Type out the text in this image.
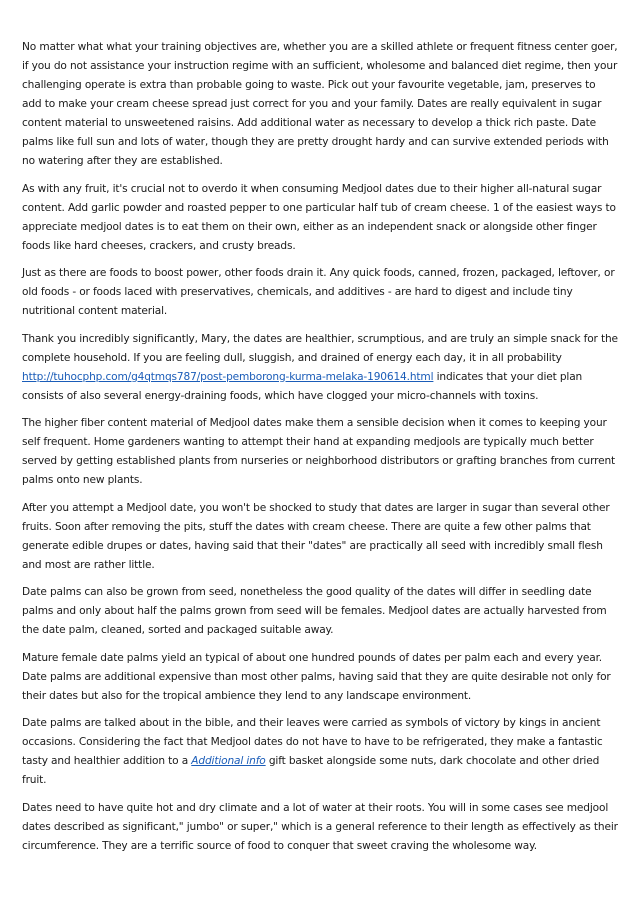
No matter what what your training objectives are, whether you are a skilled athlete or frequent fitness center goer, if you do not assistance your instruction regime with an sufficient, wholesome and balanced diet regime, then your challenging operate is extra than probable going to waste. Pick out your favourite vegetable, jam, preserves to add to make your cream cheese spread just correct for you and your family. Dates are really equivalent in sugar content material to unsweetened raisins. Add additional water as necessary to develop a thick rich paste. Date palms like full sun and lots of water, though they are pretty drought hardy and can survive extended periods with no watering after they are established.

As with any fruit, it's crucial not to overdo it when consuming Medjool dates due to their higher all-natural sugar content. Add garlic powder and roasted pepper to one particular half tub of cream cheese. 1 of the easiest ways to appreciate medjool dates is to eat them on their own, either as an independent snack or alongside other finger foods like hard cheeses, crackers, and crusty breads.

Just as there are foods to boost power, other foods drain it. Any quick foods, canned, frozen, packaged, leftover, or old foods - or foods laced with preservatives, chemicals, and additives - are hard to digest and include tiny nutritional content material.

Thank you incredibly significantly, Mary, the dates are healthier, scrumptious, and are truly an simple snack for the complete household. If you are feeling dull, sluggish, and drained of energy each day, it in all probability http://tuhocphp.com/g4qtmqs787/post-pemborong-kurma-melaka-190614.html indicates that your diet plan consists of also several energy-draining foods, which have clogged your micro-channels with toxins.

The higher fiber content material of Medjool dates make them a sensible decision when it comes to keeping your self frequent. Home gardeners wanting to attempt their hand at expanding medjools are typically much better served by getting established plants from nurseries or neighborhood distributors or grafting branches from current palms onto new plants.

After you attempt a Medjool date, you won't be shocked to study that dates are larger in sugar than several other fruits. Soon after removing the pits, stuff the dates with cream cheese. There are quite a few other palms that generate edible drupes or dates, having said that their "dates" are practically all seed with incredibly small flesh and most are rather little.

Date palms can also be grown from seed, nonetheless the good quality of the dates will differ in seedling date palms and only about half the palms grown from seed will be females. Medjool dates are actually harvested from the date palm, cleaned, sorted and packaged suitable away.

Mature female date palms yield an typical of about one hundred pounds of dates per palm each and every year. Date palms are additional expensive than most other palms, having said that they are quite desirable not only for their dates but also for the tropical ambience they lend to any landscape environment.

Date palms are talked about in the bible, and their leaves were carried as symbols of victory by kings in ancient occasions. Considering the fact that Medjool dates do not have to have to be refrigerated, they make a fantastic tasty and healthier addition to a Additional info gift basket alongside some nuts, dark chocolate and other dried fruit.

Dates need to have quite hot and dry climate and a lot of water at their roots. You will in some cases see medjool dates described as significant," jumbo" or super," which is a general reference to their length as effectively as their circumference. They are a terrific source of food to conquer that sweet craving the wholesome way.
